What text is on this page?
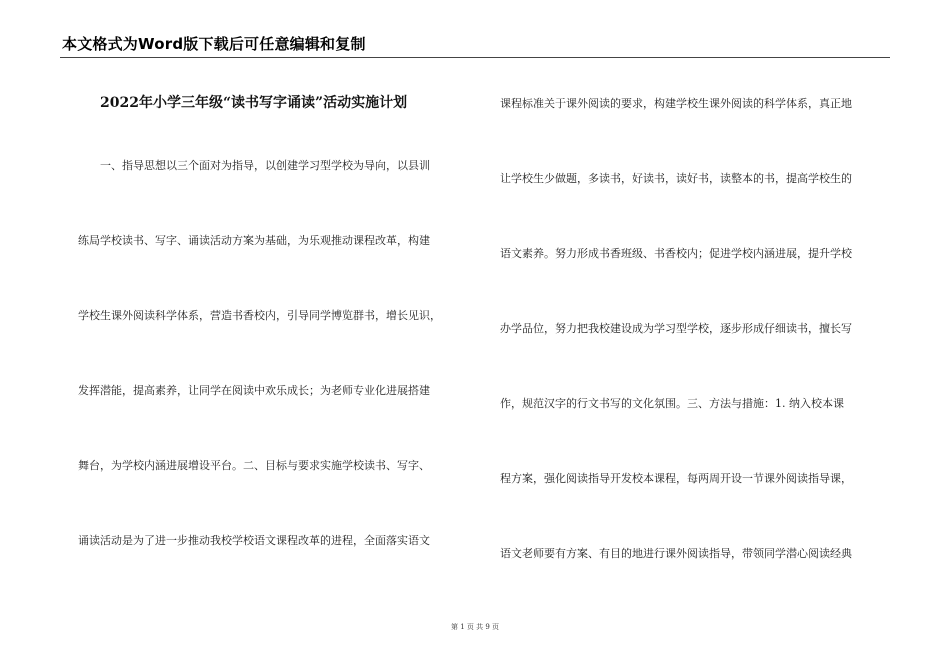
本文格式为Word版下载后可任意编辑和复制
2022年小学三年级“读书写字诵读”活动实施计划
一、指导思想以三个面对为指导，以创建学习型学校为导向，以县训
练局学校读书、写字、诵读活动方案为基础，为乐观推动课程改革，构建
学校生课外阅读科学体系，营造书香校内，引导同学博览群书，增长见识，
发挥潜能，提高素养，让同学在阅读中欢乐成长；为老师专业化进展搭建
舞台，为学校内涵进展增设平台。二、目标与要求实施学校读书、写字、
诵读活动是为了进一步推动我校学校语文课程改革的进程，全面落实语文
课程标准关于课外阅读的要求，构建学校生课外阅读的科学体系，真正地
让学校生少做题，多读书，好读书，读好书，读整本的书，提高学校生的
语文素养。努力形成书香班级、书香校内；促进学校内涵进展，提升学校
办学品位，努力把我校建设成为学习型学校，逐步形成仔细读书，擅长写
作，规范汉字的行文书写的文化氛围。三、方法与措施：1. 纳入校本课
程方案，强化阅读指导开发校本课程，每两周开设一节课外阅读指导课，
语文老师要有方案、有目的地进行课外阅读指导，带领同学潜心阅读经典
第 1 页 共 9 页
